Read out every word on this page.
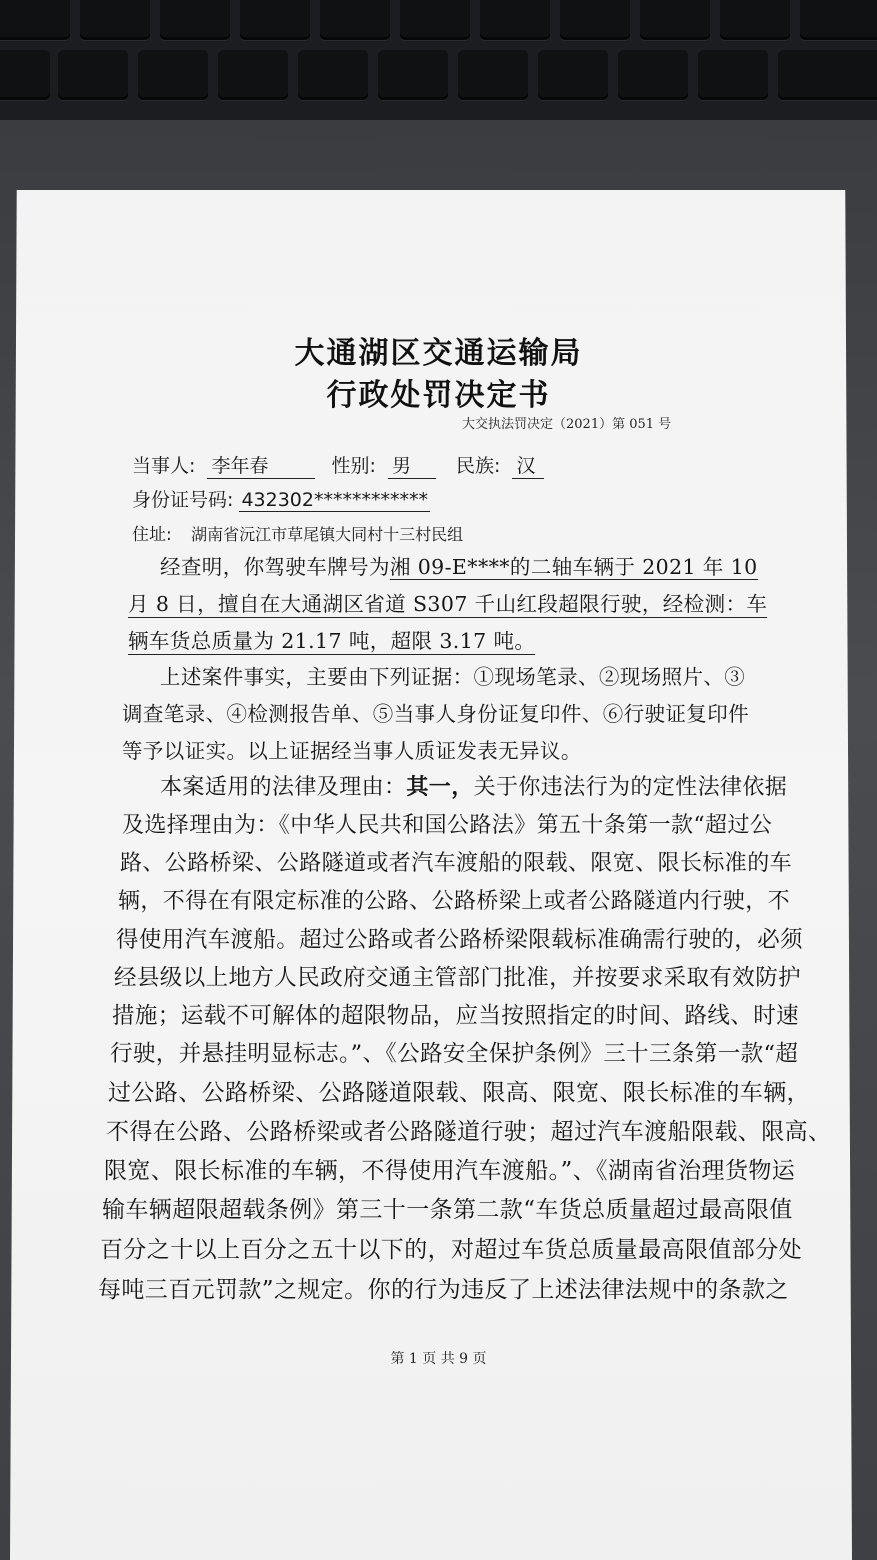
大通湖区交通运输局
行政处罚决定书
大交执法罚决定（2021）第 051 号
当事人: 李年春	性别: 男 民族: 汉
身份证号码: 432302************
住址: 湖南省沅江市草尾镇大同村十三村民组
经查明，你驾驶车牌号为湘 09-E****的二轴车辆于 2021 年 10
月 8 日，擅自在大通湖区省道 S307 千山红段超限行驶，经检测：车
辆车货总质量为 21.17 吨，超限 3.17 吨。
上述案件事实，主要由下列证据：①现场笔录、②现场照片、③
调查笔录、④检测报告单、⑤当事人身份证复印件、⑥行驶证复印件
等予以证实。以上证据经当事人质证发表无异议。
本案适用的法律及理由：其一，关于你违法行为的定性法律依据
及选择理由为：《中华人民共和国公路法》第五十条第一款“超过公
路、公路桥梁、公路隧道或者汽车渡船的限载、限宽、限长标准的车
辆，不得在有限定标准的公路、公路桥梁上或者公路隧道内行驶，不
得使用汽车渡船。超过公路或者公路桥梁限载标准确需行驶的，必须
经县级以上地方人民政府交通主管部门批准，并按要求采取有效防护
措施；运载不可解体的超限物品，应当按照指定的时间、路线、时速
行驶，并悬挂明显标志。”、《公路安全保护条例》三十三条第一款“超
过公路、公路桥梁、公路隧道限载、限高、限宽、限长标准的车辆，
不得在公路、公路桥梁或者公路隧道行驶；超过汽车渡船限载、限高、
限宽、限长标准的车辆，不得使用汽车渡船。”、《湖南省治理货物运
输车辆超限超载条例》第三十一条第二款“车货总质量超过最高限值
百分之十以上百分之五十以下的，对超过车货总质量最高限值部分处
每吨三百元罚款”之规定。你的行为违反了上述法律法规中的条款之
第 1 页 共 9 页
